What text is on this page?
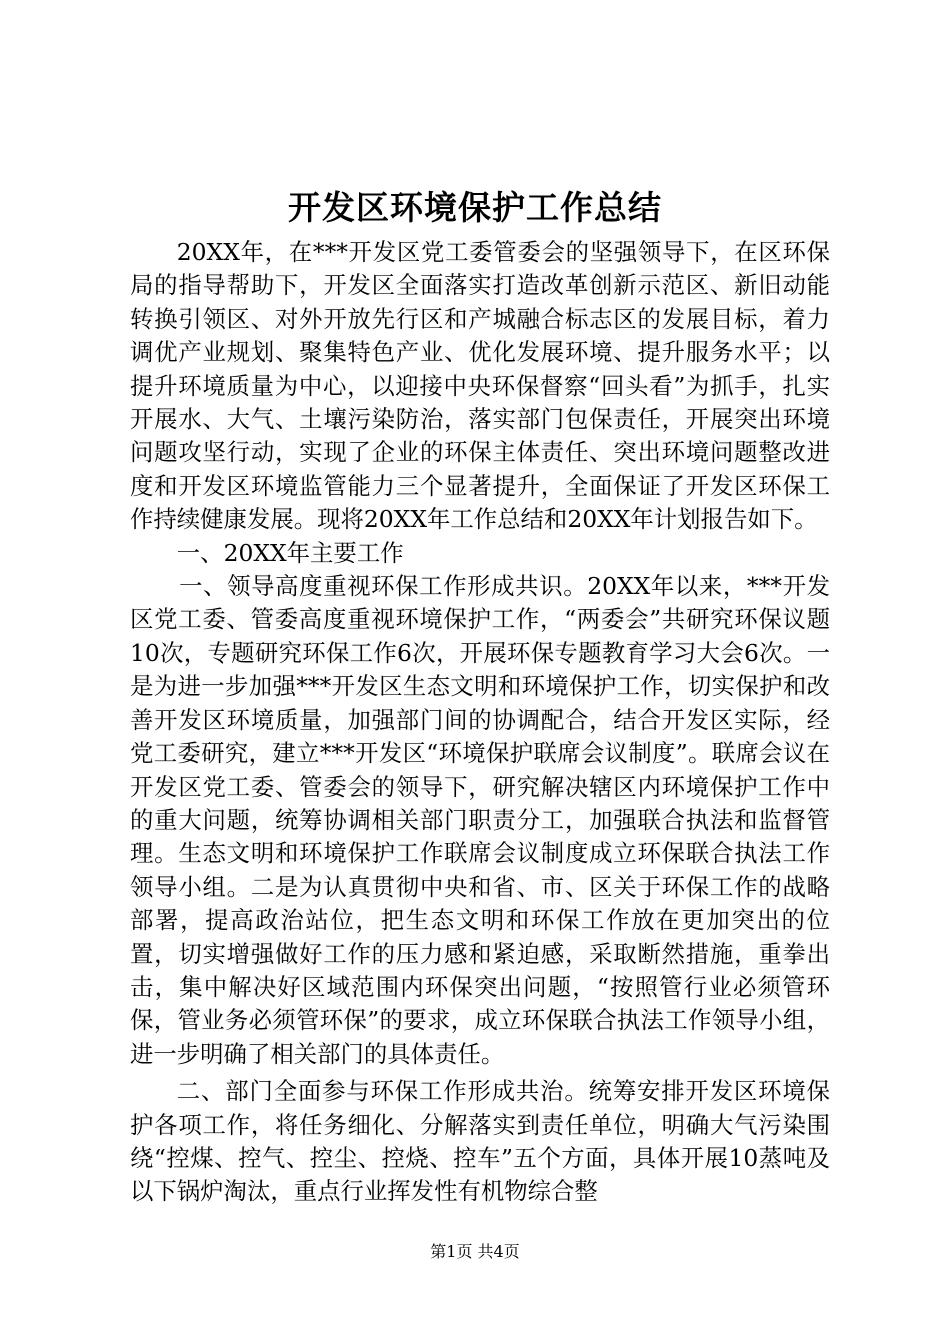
开发区环境保护工作总结

20XX年，在***开发区党工委管委会的坚强领导下，在区环保局的指导帮助下，开发区全面落实打造改革创新示范区、新旧动能转换引领区、对外开放先行区和产城融合标志区的发展目标，着力调优产业规划、聚集特色产业、优化发展环境、提升服务水平；以提升环境质量为中心，以迎接中央环保督察“回头看”为抓手，扎实开展水、大气、土壤污染防治，落实部门包保责任，开展突出环境问题攻坚行动，实现了企业的环保主体责任、突出环境问题整改进度和开发区环境监管能力三个显著提升，全面保证了开发区环保工作持续健康发展。现将20XX年工作总结和20XX年计划报告如下。

一、20XX年主要工作

一、领导高度重视环保工作形成共识。20XX年以来，***开发区党工委、管委高度重视环境保护工作，“两委会”共研究环保议题10次，专题研究环保工作6次，开展环保专题教育学习大会6次。一是为进一步加强***开发区生态文明和环境保护工作，切实保护和改善开发区环境质量，加强部门间的协调配合，结合开发区实际，经党工委研究，建立***开发区“环境保护联席会议制度”。联席会议在开发区党工委、管委会的领导下，研究解决辖区内环境保护工作中的重大问题，统筹协调相关部门职责分工，加强联合执法和监督管理。生态文明和环境保护工作联席会议制度成立环保联合执法工作领导小组。二是为认真贯彻中央和省、市、区关于环保工作的战略部署，提高政治站位，把生态文明和环保工作放在更加突出的位置，切实增强做好工作的压力感和紧迫感，采取断然措施，重拳出击，集中解决好区域范围内环保突出问题，“按照管行业必须管环保，管业务必须管环保”的要求，成立环保联合执法工作领导小组，进一步明确了相关部门的具体责任。

二、部门全面参与环保工作形成共治。统筹安排开发区环境保护各项工作，将任务细化、分解落实到责任单位，明确大气污染围绕“控煤、控气、控尘、控烧、控车”五个方面，具体开展10蒸吨及以下锅炉淘汰，重点行业挥发性有机物综合整

第1页 共4页
